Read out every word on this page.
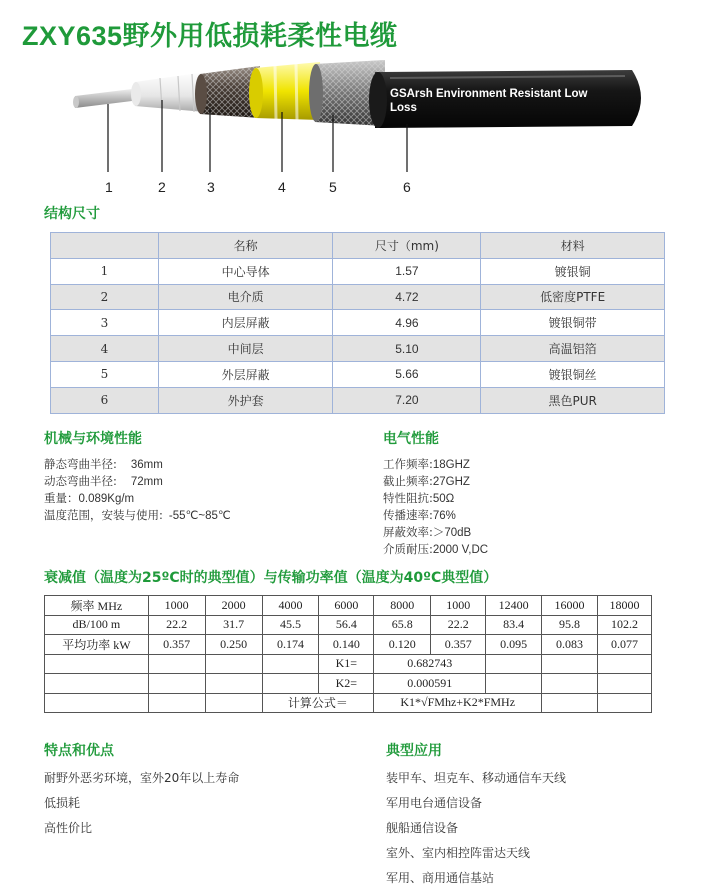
ZXY635野外用低损耗柔性电缆
GSArsh Environment Resistant Low
Loss
1	2	3	4	5	6
结构尺寸
	名称	尺寸（mm)	材料
1	中心导体	1.57	镀银铜
2	电介质	4.72	低密度PTFE
3	内层屏蔽	4.96	镀银铜带
4	中间层	5.10	高温铝箔
5	外层屏蔽	5.66	镀银铜丝
6	外护套	7.20	黑色PUR
机械与环境性能
静态弯曲半径: 36mm
动态弯曲半径: 72mm
重量：0.089Kg/m
温度范围，安装与使用: -55℃~85℃
电气性能
工作频率:18GHZ
截止频率:27GHZ
特性阻抗:50Ω
传播速率:76%
屏蔽效率:＞70dB
介质耐压:2000 V,DC
衰减值（温度为25ºC时的典型值）与传输功率值（温度为40ºC典型值）
频率 MHz	1000	2000	4000	6000	8000	1000	12400	16000	18000
dB/100 m	22.2	31.7	45.5	56.4	65.8	22.2	83.4	95.8	102.2
平均功率 kW	0.357	0.250	0.174	0.140	0.120	0.357	0.095	0.083	0.077
				K1=	0.682743				
				K2=	0.000591				
			计算公式＝		K1*√FMhz+K2*FMHz				
特点和优点
耐野外恶劣环境，室外20年以上寿命
低损耗
高性价比
典型应用
装甲车、坦克车、移动通信车天线
军用电台通信设备
舰船通信设备
室外、室内相控阵雷达天线
军用、商用通信基站
